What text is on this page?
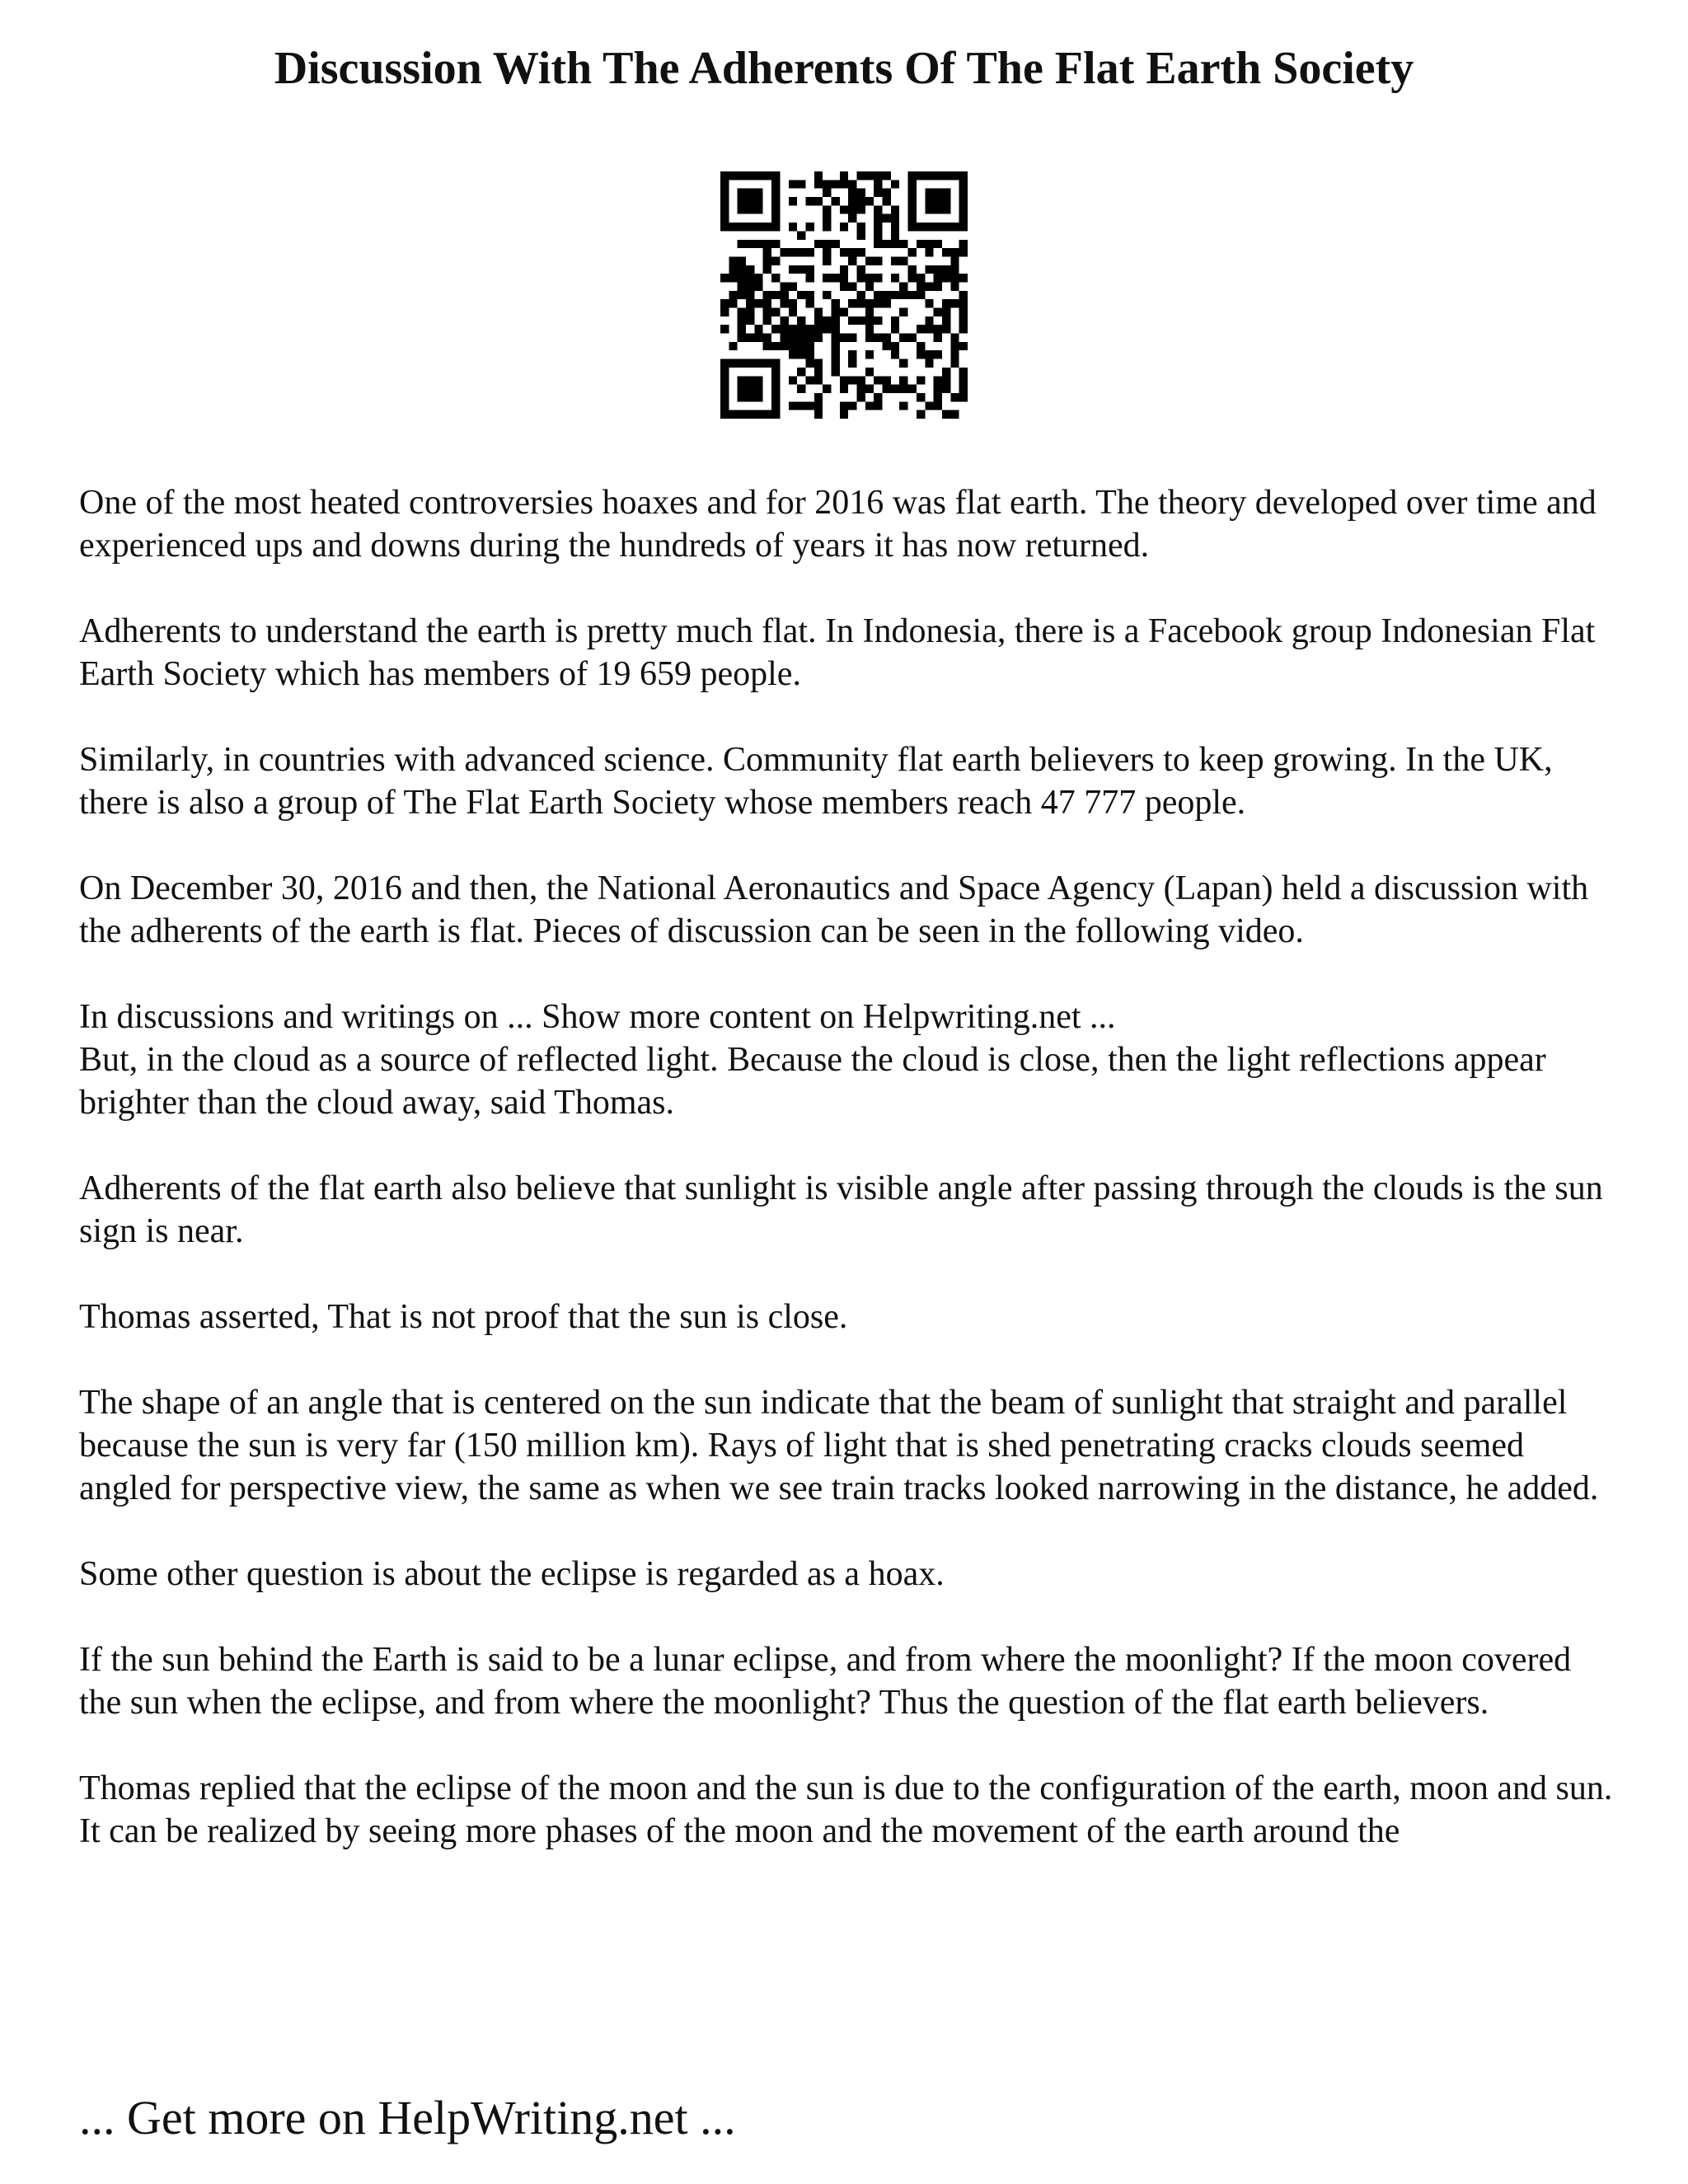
Discussion With The Adherents Of The Flat Earth Society

One of the most heated controversies hoaxes and for 2016 was flat earth. The theory developed over time and experienced ups and downs during the hundreds of years it has now returned.

Adherents to understand the earth is pretty much flat. In Indonesia, there is a Facebook group Indonesian Flat Earth Society which has members of 19 659 people.

Similarly, in countries with advanced science. Community flat earth believers to keep growing. In the UK, there is also a group of The Flat Earth Society whose members reach 47 777 people.

On December 30, 2016 and then, the National Aeronautics and Space Agency (Lapan) held a discussion with the adherents of the earth is flat. Pieces of discussion can be seen in the following video.

In discussions and writings on ... Show more content on Helpwriting.net ...

But, in the cloud as a source of reflected light. Because the cloud is close, then the light reflections appear brighter than the cloud away, said Thomas.

Adherents of the flat earth also believe that sunlight is visible angle after passing through the clouds is the sun sign is near.

Thomas asserted, That is not proof that the sun is close.

The shape of an angle that is centered on the sun indicate that the beam of sunlight that straight and parallel because the sun is very far (150 million km). Rays of light that is shed penetrating cracks clouds seemed angled for perspective view, the same as when we see train tracks looked narrowing in the distance, he added.

Some other question is about the eclipse is regarded as a hoax.

If the sun behind the Earth is said to be a lunar eclipse, and from where the moonlight? If the moon covered the sun when the eclipse, and from where the moonlight? Thus the question of the flat earth believers.

Thomas replied that the eclipse of the moon and the sun is due to the configuration of the earth, moon and sun. It can be realized by seeing more phases of the moon and the movement of the earth around the

... Get more on HelpWriting.net ...
